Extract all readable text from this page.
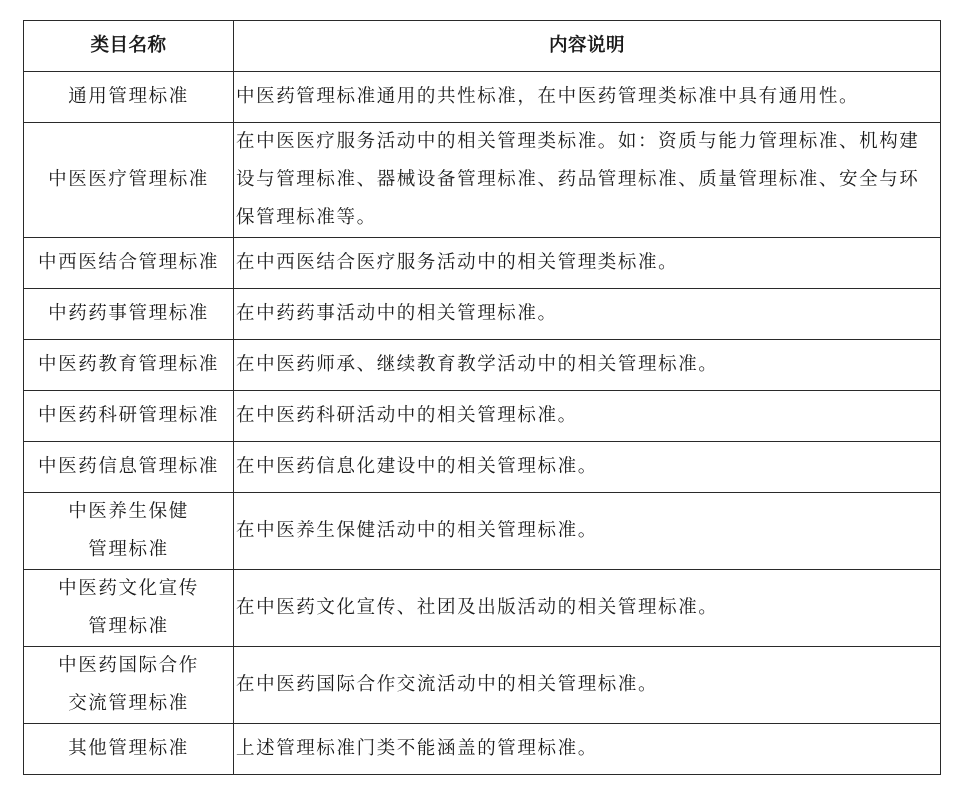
类目名称	内容说明

通用管理标准	中医药管理标准通用的共性标准，在中医药管理类标准中具有通用性。

中医医疗管理标准	在中医医疗服务活动中的相关管理类标准。如：资质与能力管理标准、机构建设与管理标准、器械设备管理标准、药品管理标准、质量管理标准、安全与环保管理标准等。

中西医结合管理标准	在中西医结合医疗服务活动中的相关管理类标准。

中药药事管理标准	在中药药事活动中的相关管理标准。

中医药教育管理标准	在中医药师承、继续教育教学活动中的相关管理标准。

中医药科研管理标准	在中医药科研活动中的相关管理标准。

中医药信息管理标准	在中医药信息化建设中的相关管理标准。

中医养生保健
管理标准	在中医养生保健活动中的相关管理标准。

中医药文化宣传
管理标准	在中医药文化宣传、社团及出版活动的相关管理标准。

中医药国际合作
交流管理标准	在中医药国际合作交流活动中的相关管理标准。

其他管理标准	上述管理标准门类不能涵盖的管理标准。
